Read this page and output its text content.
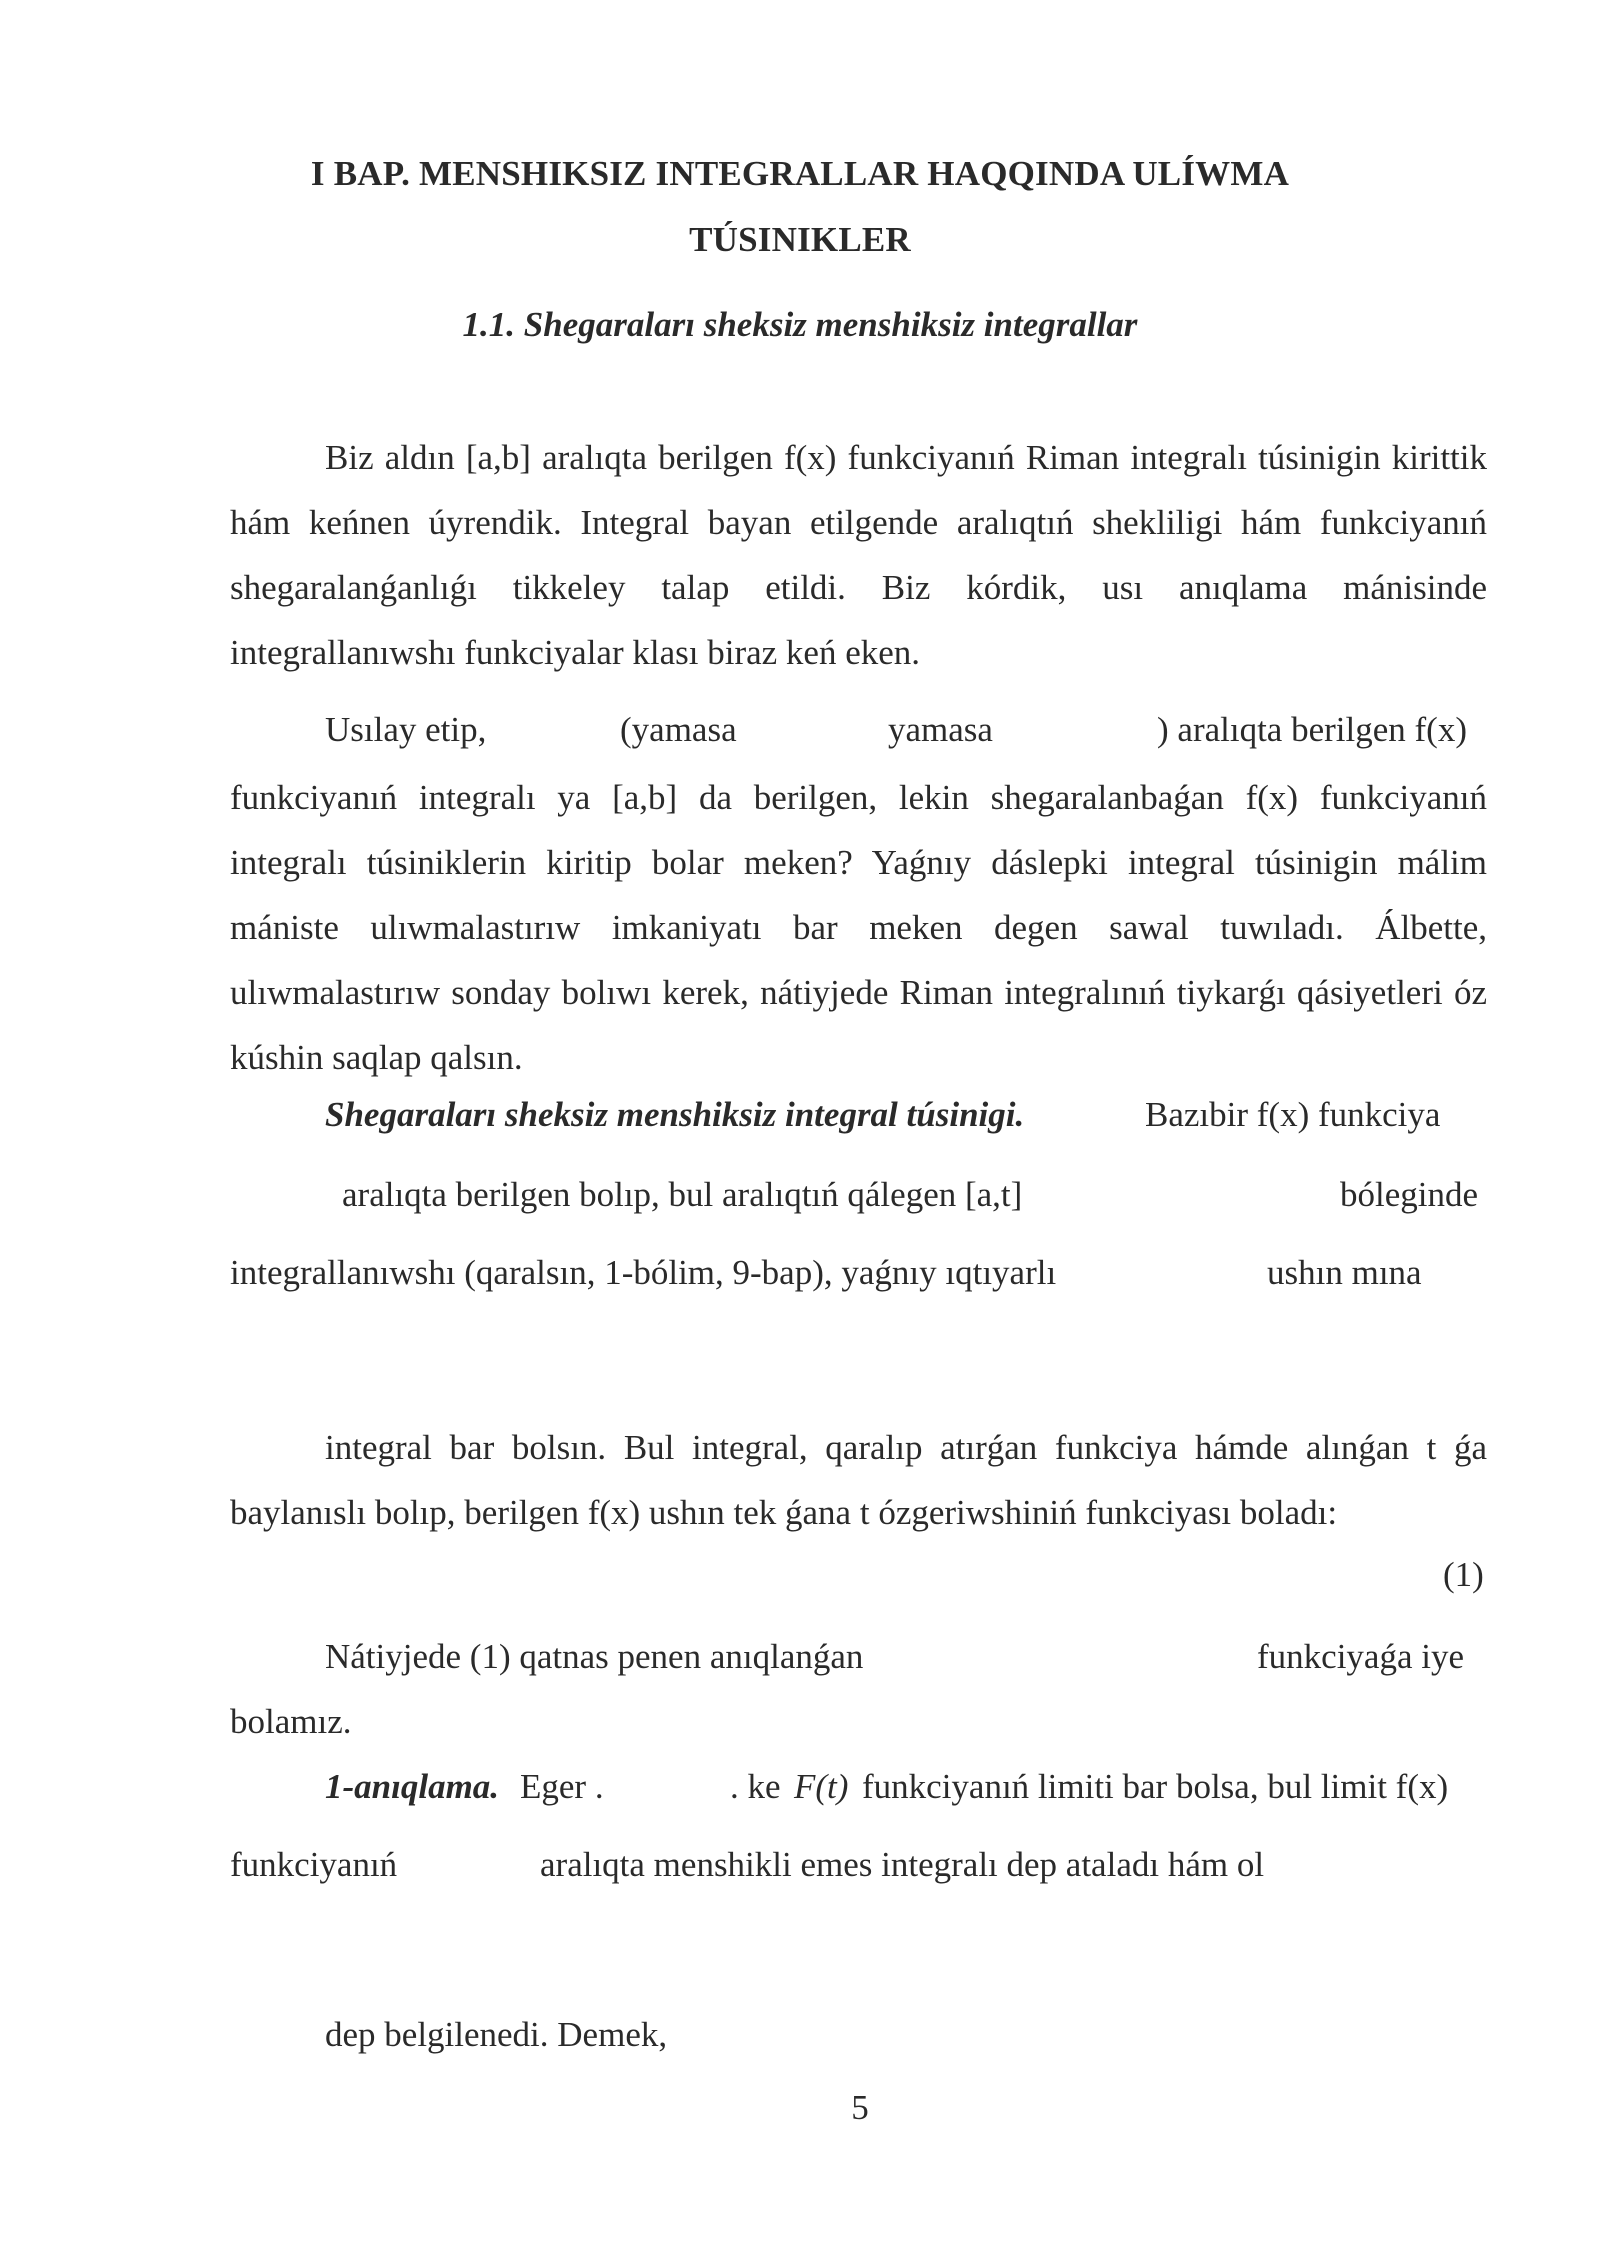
I BAP. MENSHIKSIZ INTEGRALLAR HAQQINDA ULÍWMA
TÚSINIKLER
1.1. Shegaraları sheksiz menshiksiz integrallar
Biz aldın [a,b] aralıqta berilgen f(x) funkciyanıń Riman integralı túsinigin kirittik hám keńnen úyrendik. Integral bayan etilgende aralıqtıń shekliligi hám funkciyanıń shegaralanǵanlıǵı tikkeley talap etildi. Biz kórdik, usı anıqlama mánisinde integrallanıwshı funkciyalar klası biraz keń eken.
Usılay etip,	(yamasa	yamasa	) aralıqta berilgen f(x)
funkciyanıń integralı ya [a,b] da berilgen, lekin shegaralanbaǵan f(x) funkciyanıń integralı túsiniklerin kiritip bolar meken? Yaǵnıy dáslepki integral túsinigin málim mániste ulıwmalastırıw imkaniyatı bar meken degen sawal tuwıladı. Álbette, ulıwmalastırıw sonday bolıwı kerek, nátiyjede Riman integralınıń tiykarǵı qásiyetleri óz kúshin saqlap qalsın.
Shegaraları sheksiz menshiksiz integral túsinigi.	Bazıbir f(x) funkciya
aralıqta berilgen bolıp, bul aralıqtıń qálegen [a,t]	bóleginde
integrallanıwshı (qaralsın, 1-bólim, 9-bap), yaǵnıy ıqtıyarlı	ushın mına
integral bar bolsın. Bul integral, qaralıp atırǵan funkciya hámde alınǵan t ǵa baylanıslı bolıp, berilgen f(x) ushın tek ǵana t ózgeriwshiniń funkciyası boladı:
(1)
Nátiyjede (1) qatnas penen anıqlanǵan	funkciyaǵa iye
bolamız.
1-anıqlama. Eger .	. ke F(t) funkciyanıń limiti bar bolsa, bul limit f(x)
funkciyanıń	aralıqta menshikli emes integralı dep ataladı hám ol
dep belgilenedi. Demek,
5
